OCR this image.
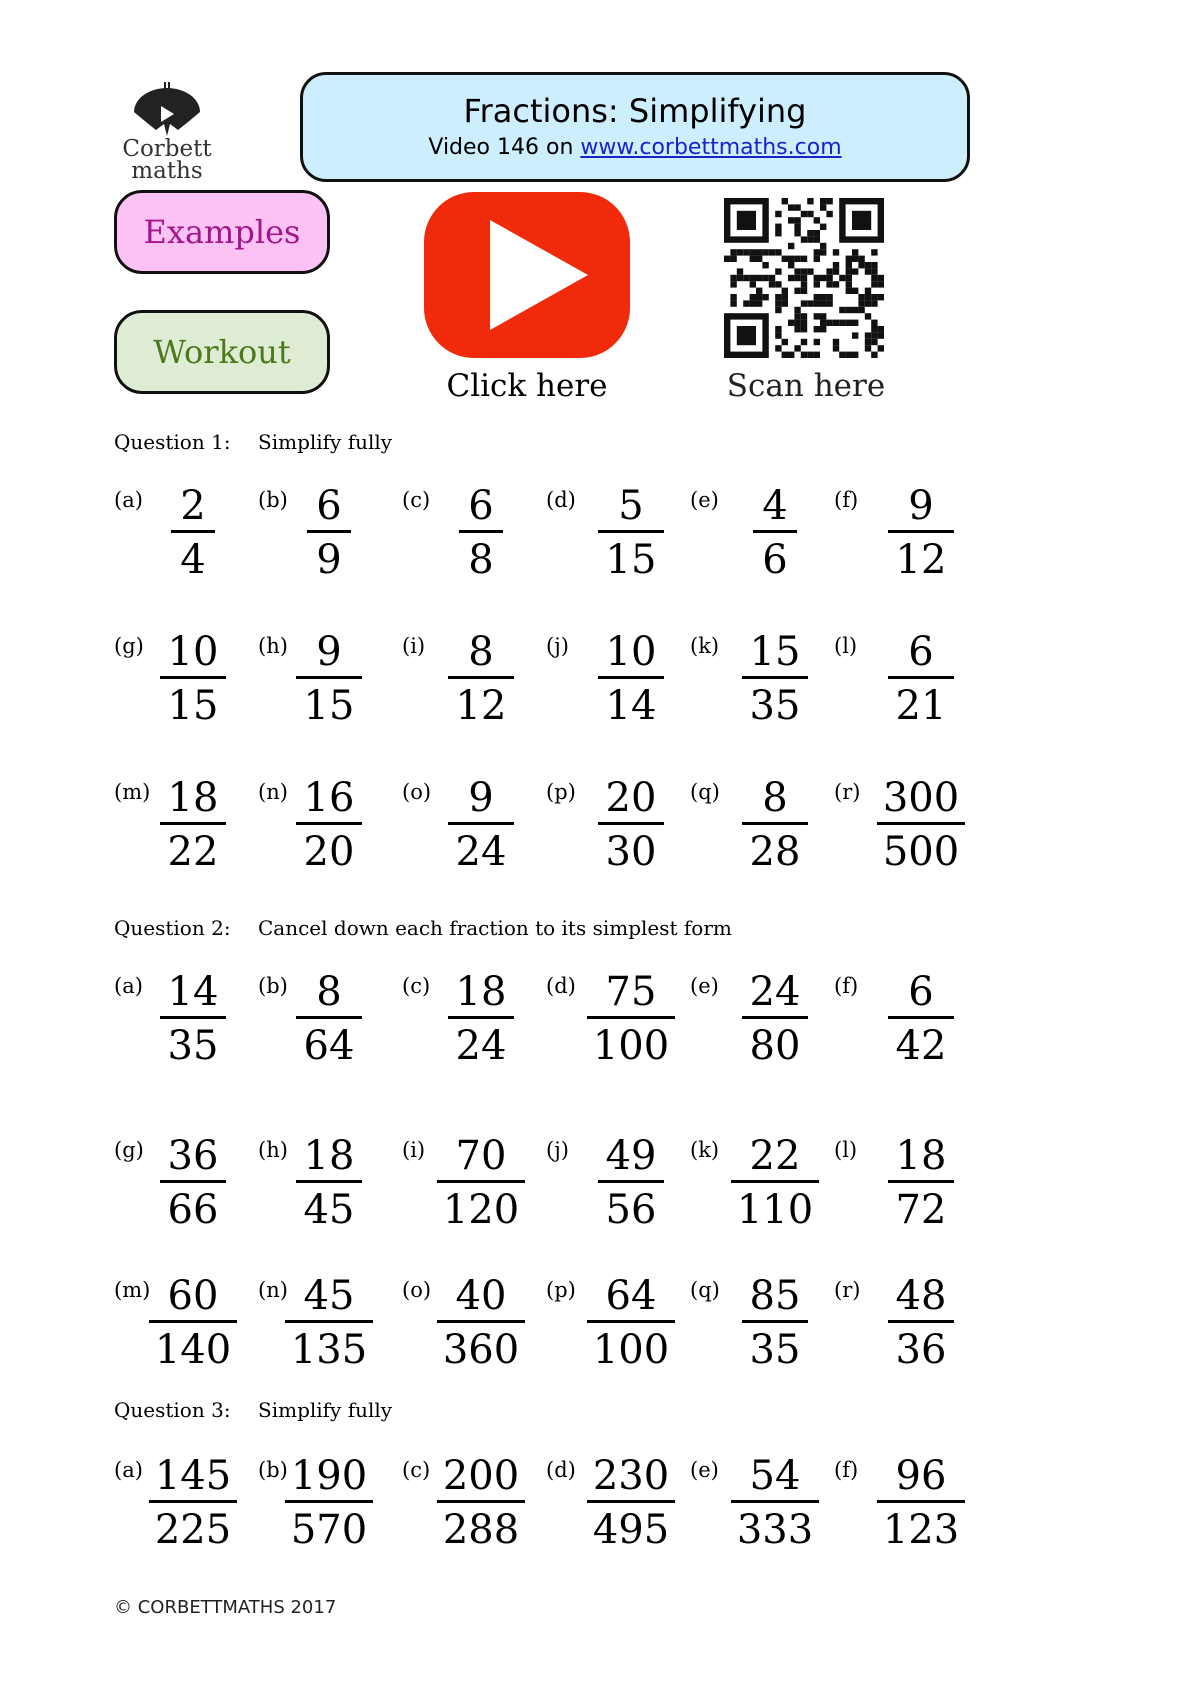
Corbett
maths
Fractions: Simplifying
Video 146 on www.corbettmaths.com
Examples
Workout
Click here	Scan here
Question 1: Simplify fully
(a) 2
4
(b) 6
9
(c) 6
8
(d)	5
15
(e)	4
6
(f)	9
12
(g) 10
15
(h) 9
15
(i)	8
12
(j) 10
14
(k) 15
35
(l)	6
21
(m) 18
22
(n) 16
20
(o) 9
24
(p) 20
30
(q)	8
28
(r) 300
500
Question 2: Cancel down each fraction to its simplest form
(a) 14
35
(b) 8
64
(c) 18
24
(d) 75
100
(e) 24
80
(f)	6
42
(g) 36
66
(h) 18
45
(i) 70
120
(j) 49
56
(k) 22
110
(l) 18
72
(m) 60
140
(n) 45
135
(o) 40
360
(p) 64
100
(q) 85
35
(r) 48
36
Question 3: Simplify fully
(a) 145
225
(b) 190
570
(c) 200
288
(d) 230
495
(e) 54
333
(f) 96
123
© CORBETTMATHS 2017
